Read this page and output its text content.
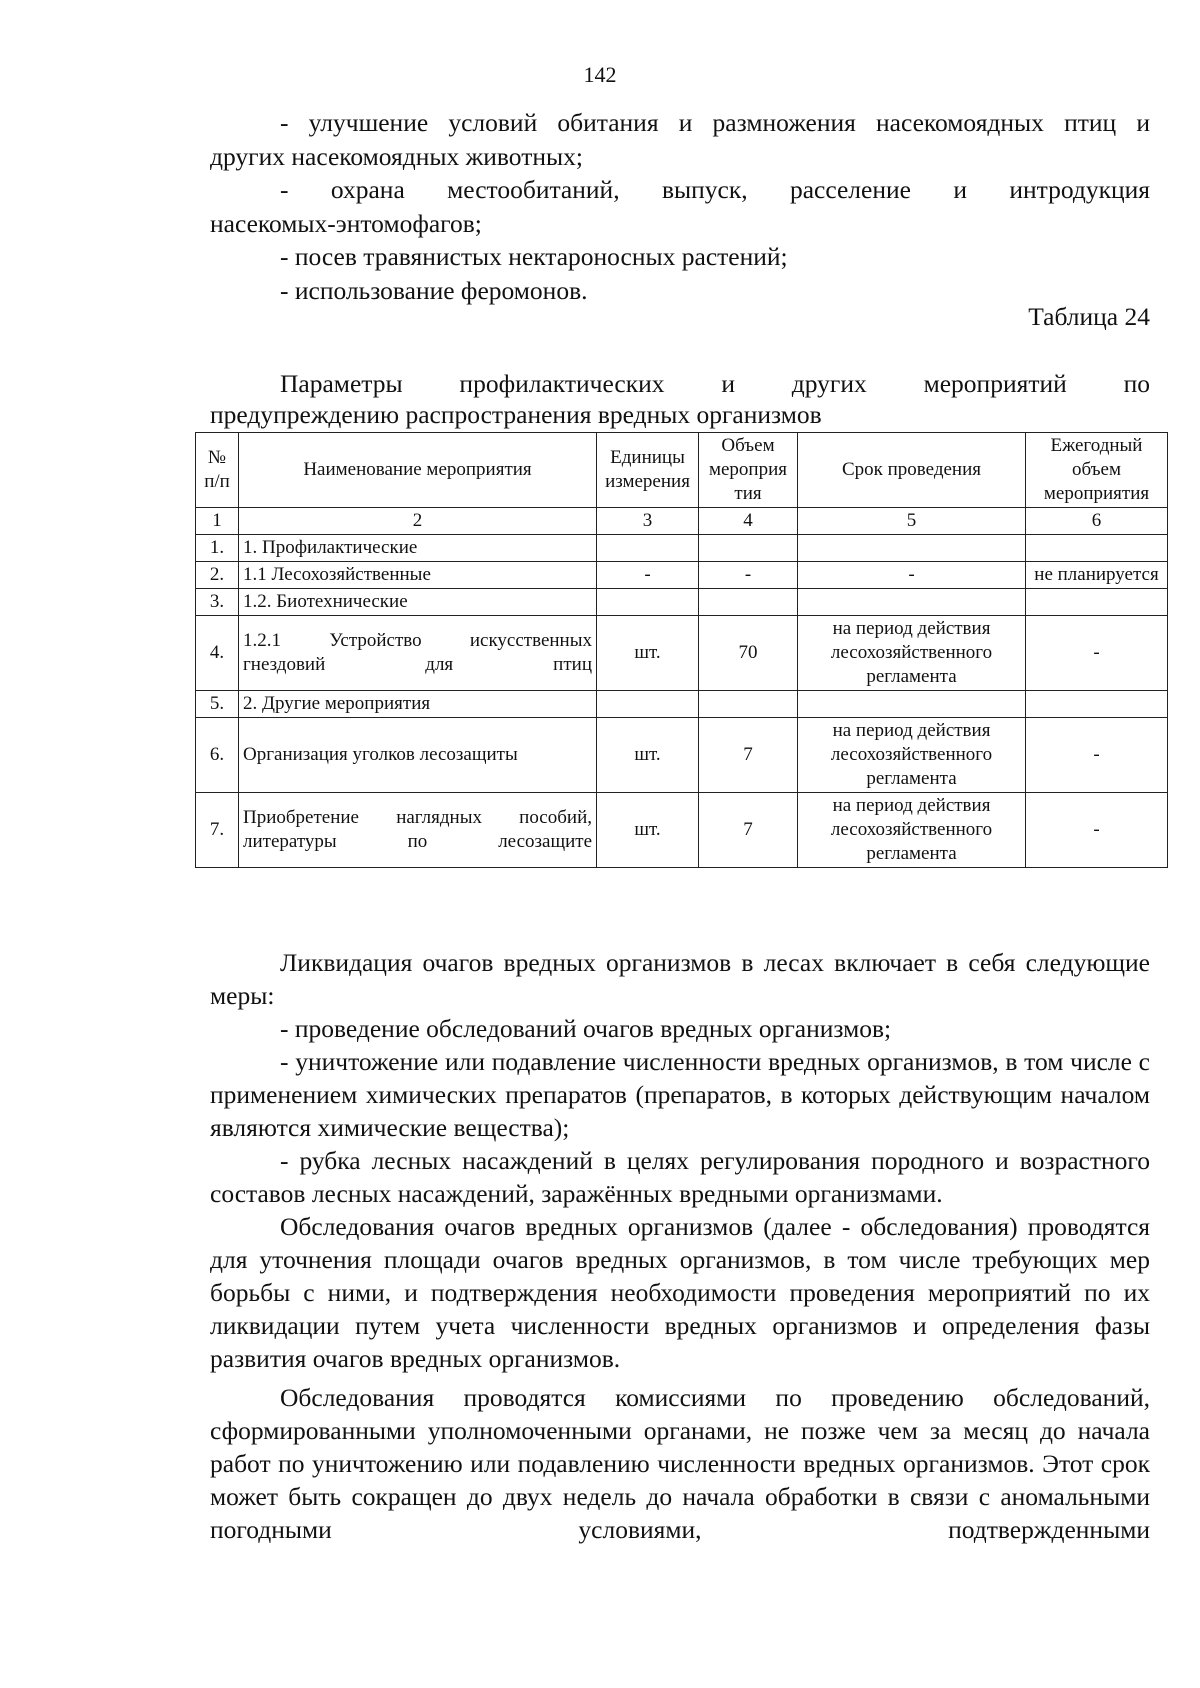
142

- улучшение условий обитания и размножения насекомоядных птиц и

других насекомоядных животных;

- охрана местообитаний, выпуск, расселение и интродукция

насекомых-энтомофагов;

- посев травянистых нектароносных растений;

- использование феромонов.

Таблица 24

Параметры профилактических и других мероприятий по

предупреждению распространения вредных организмов

№ п/п	Наименование мероприятия	Единицы измерения	Объем мероприя тия	Срок проведения	Ежегодный объем мероприятия
1	2	3	4	5	6
1.	1. Профилактические				
2.	1.1 Лесохозяйственные	-	-	-	не планируется
3.	1.2. Биотехнические				
4.	1.2.1 Устройство искусственных гнездовий для птиц	шт.	70	на период действия лесохозяйственного регламента	-
5.	2. Другие мероприятия				
6.	Организация уголков лесозащиты	шт.	7	на период действия лесохозяйственного регламента	-
7.	Приобретение наглядных пособий, литературы по лесозащите	шт.	7	на период действия лесохозяйственного регламента	-

Ликвидация очагов вредных организмов в лесах включает в себя следующие меры:

- проведение обследований очагов вредных организмов;

- уничтожение или подавление численности вредных организмов, в том числе с применением химических препаратов (препаратов, в которых действующим началом являются химические вещества);

- рубка лесных насаждений в целях регулирования породного и возрастного составов лесных насаждений, заражённых вредными организмами.

Обследования очагов вредных организмов (далее - обследования) проводятся для уточнения площади очагов вредных организмов, в том числе требующих мер борьбы с ними, и подтверждения необходимости проведения мероприятий по их ликвидации путем учета численности вредных организмов и определения фазы развития очагов вредных организмов.

Обследования проводятся комиссиями по проведению обследований, сформированными уполномоченными органами, не позже чем за месяц до начала работ по уничтожению или подавлению численности вредных организмов. Этот срок может быть сокращен до двух недель до начала обработки в связи с аномальными погодными условиями, подтвержденными
